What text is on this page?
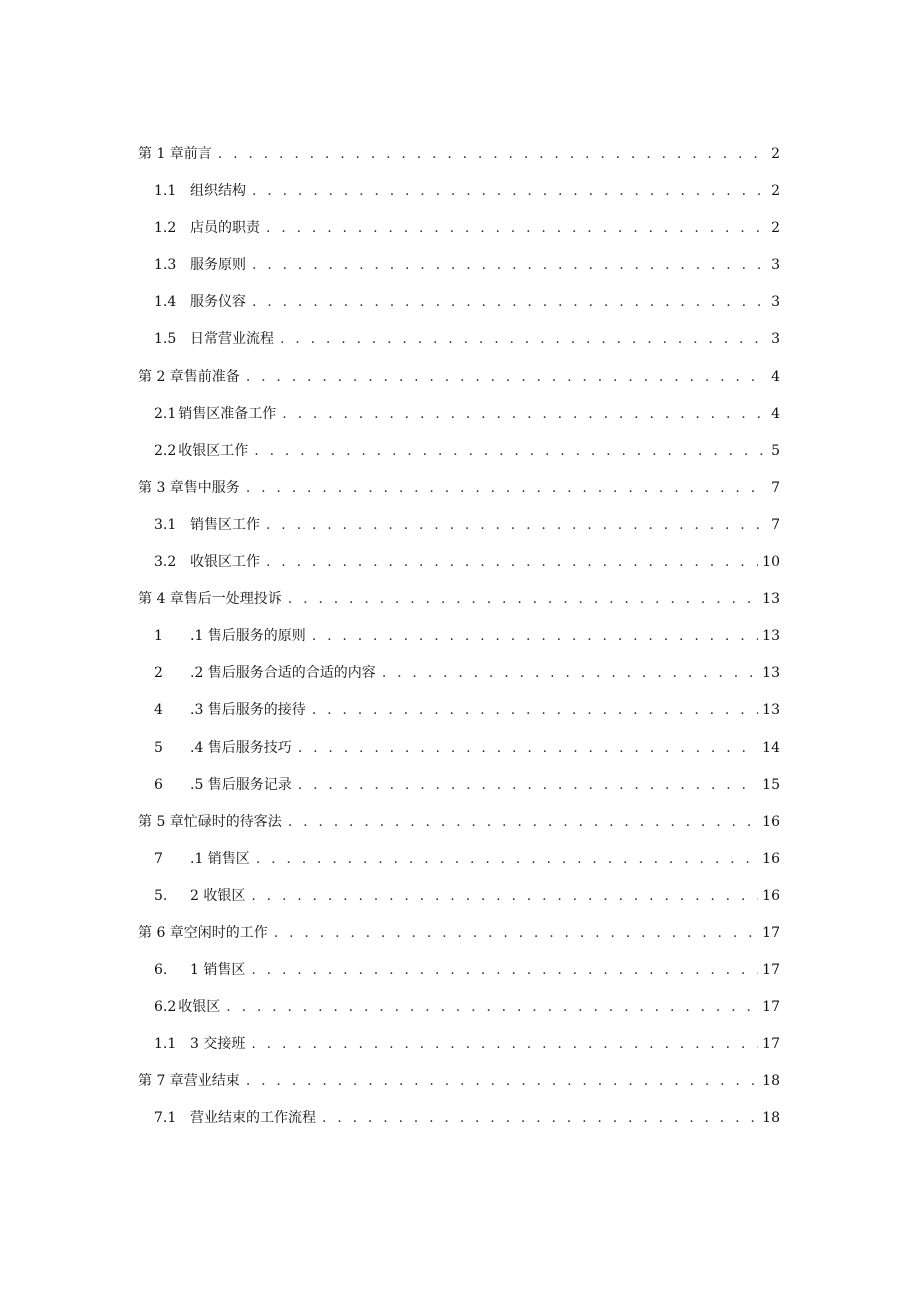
第 1 章前言 . . .	2
1.1 组织结构 . . .	2
1.2 店员的职责 . . .	2
1.3 服务原则 . . .	3
1.4 服务仪容 . . .	3
1.5 日常营业流程 . . .	3
第 2 章售前准备 . . .	4
2.1 销售区准备工作 . . .	4
2.2 收银区工作 . . .	5
第 3 章售中服务 . . .	7
3.1 销售区工作 . . .	7
3.2 收银区工作 . . .	10
第 4 章售后一处理投诉 . . .	13
1	.1 售后服务的原则 . . .	13
2	.2 售后服务合适的合适的内容 . . .	13
4	.3 售后服务的接待 . . .	13
5	.4 售后服务技巧 . . .	14
6	.5 售后服务记录 . . .	15
第 5 章忙碌时的待客法 . . .	16
7	.1 销售区 . . .	16
5.	2 收银区 . . .	16
第 6 章空闲时的工作 . . .	17
6.	1 销售区 . . .	17
6.2 收银区 . . .	17
1.1 3 交接班 . . .	17
第 7 章营业结束 . . .	18
7.1 营业结束的工作流程 . . .	18
